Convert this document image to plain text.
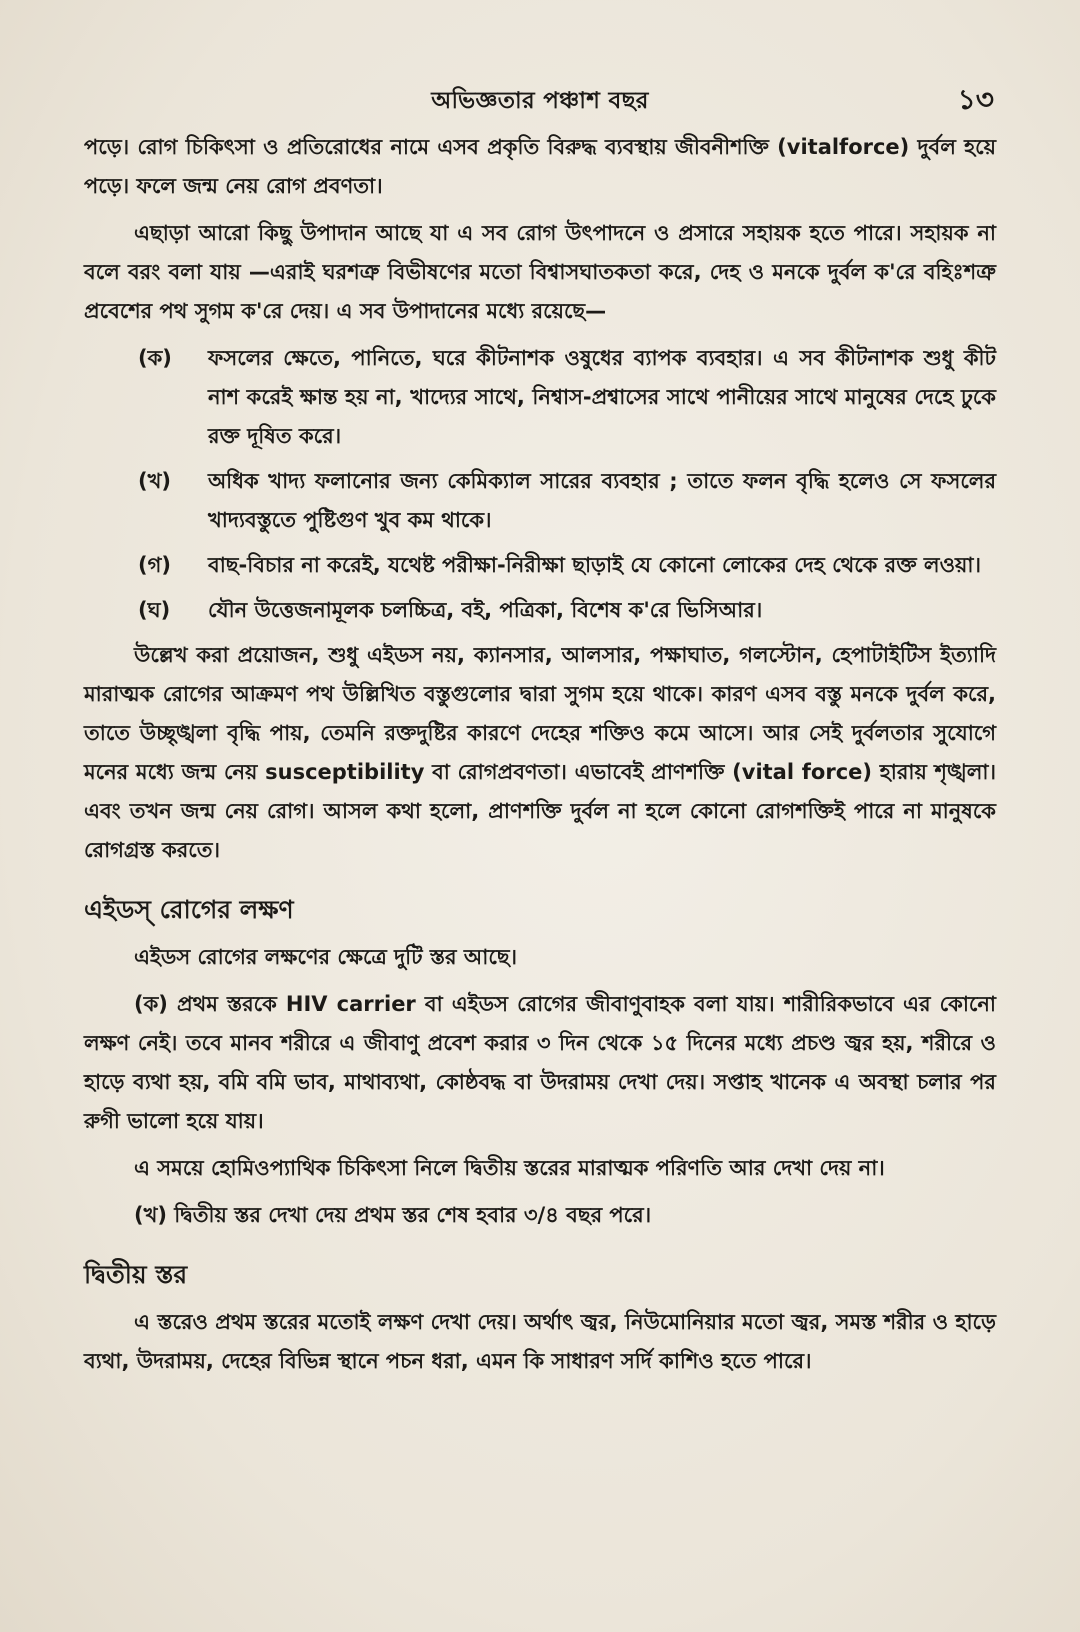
অভিজ্ঞতার পঞ্চাশ বছর	১৩

পড়ে। রোগ চিকিৎসা ও প্রতিরোধের নামে এসব প্রকৃতি বিরুদ্ধ ব্যবস্থায় জীবনীশক্তি (vitalforce) দুর্বল হয়ে পড়ে। ফলে জন্ম নেয় রোগ প্রবণতা।

এছাড়া আরো কিছু উপাদান আছে যা এ সব রোগ উৎপাদনে ও প্রসারে সহায়ক হতে পারে। সহায়ক না বলে বরং বলা যায় —এরাই ঘরশত্রু বিভীষণের মতো বিশ্বাসঘাতকতা করে, দেহ ও মনকে দুর্বল ক'রে বহিঃশত্রু প্রবেশের পথ সুগম ক'রে দেয়। এ সব উপাদানের মধ্যে রয়েছে—

(ক)	ফসলের ক্ষেতে, পানিতে, ঘরে কীটনাশক ওষুধের ব্যাপক ব্যবহার। এ সব কীটনাশক শুধু কীট নাশ করেই ক্ষান্ত হয় না, খাদ্যের সাথে, নিশ্বাস-প্রশ্বাসের সাথে পানীয়ের সাথে মানুষের দেহে ঢুকে রক্ত দূষিত করে।
(খ)	অধিক খাদ্য ফলানোর জন্য কেমিক্যাল সারের ব্যবহার ; তাতে ফলন বৃদ্ধি হলেও সে ফসলের খাদ্যবস্তুতে পুষ্টিগুণ খুব কম থাকে।
(গ)	বাছ-বিচার না করেই, যথেষ্ট পরীক্ষা-নিরীক্ষা ছাড়াই যে কোনো লোকের দেহ থেকে রক্ত লওয়া।
(ঘ)	যৌন উত্তেজনামূলক চলচ্চিত্র, বই, পত্রিকা, বিশেষ ক'রে ভিসিআর।

উল্লেখ করা প্রয়োজন, শুধু এইডস নয়, ক্যানসার, আলসার, পক্ষাঘাত, গলস্টোন, হেপাটাইটিস ইত্যাদি মারাত্মক রোগের আক্রমণ পথ উল্লিখিত বস্তুগুলোর দ্বারা সুগম হয়ে থাকে। কারণ এসব বস্তু মনকে দুর্বল করে, তাতে উচ্ছৃঙ্খলা বৃদ্ধি পায়, তেমনি রক্তদুষ্টির কারণে দেহের শক্তিও কমে আসে। আর সেই দুর্বলতার সুযোগে মনের মধ্যে জন্ম নেয় susceptibility বা রোগপ্রবণতা। এভাবেই প্রাণশক্তি (vital force) হারায় শৃঙ্খলা। এবং তখন জন্ম নেয় রোগ। আসল কথা হলো, প্রাণশক্তি দুর্বল না হলে কোনো রোগশক্তিই পারে না মানুষকে রোগগ্রস্ত করতে।

এইডস্ রোগের লক্ষণ

এইডস রোগের লক্ষণের ক্ষেত্রে দুটি স্তর আছে।

(ক) প্রথম স্তরকে HIV carrier বা এইডস রোগের জীবাণুবাহক বলা যায়। শারীরিকভাবে এর কোনো লক্ষণ নেই। তবে মানব শরীরে এ জীবাণু প্রবেশ করার ৩ দিন থেকে ১৫ দিনের মধ্যে প্রচণ্ড জ্বর হয়, শরীরে ও হাড়ে ব্যথা হয়, বমি বমি ভাব, মাথাব্যথা, কোষ্ঠবদ্ধ বা উদরাময় দেখা দেয়। সপ্তাহ খানেক এ অবস্থা চলার পর রুগী ভালো হয়ে যায়।

এ সময়ে হোমিওপ্যাথিক চিকিৎসা নিলে দ্বিতীয় স্তরের মারাত্মক পরিণতি আর দেখা দেয় না।

(খ) দ্বিতীয় স্তর দেখা দেয় প্রথম স্তর শেষ হবার ৩/৪ বছর পরে।

দ্বিতীয় স্তর

এ স্তরেও প্রথম স্তরের মতোই লক্ষণ দেখা দেয়। অর্থাৎ জ্বর, নিউমোনিয়ার মতো জ্বর, সমস্ত শরীর ও হাড়ে ব্যথা, উদরাময়, দেহের বিভিন্ন স্থানে পচন ধরা, এমন কি সাধারণ সর্দি কাশিও হতে পারে।
